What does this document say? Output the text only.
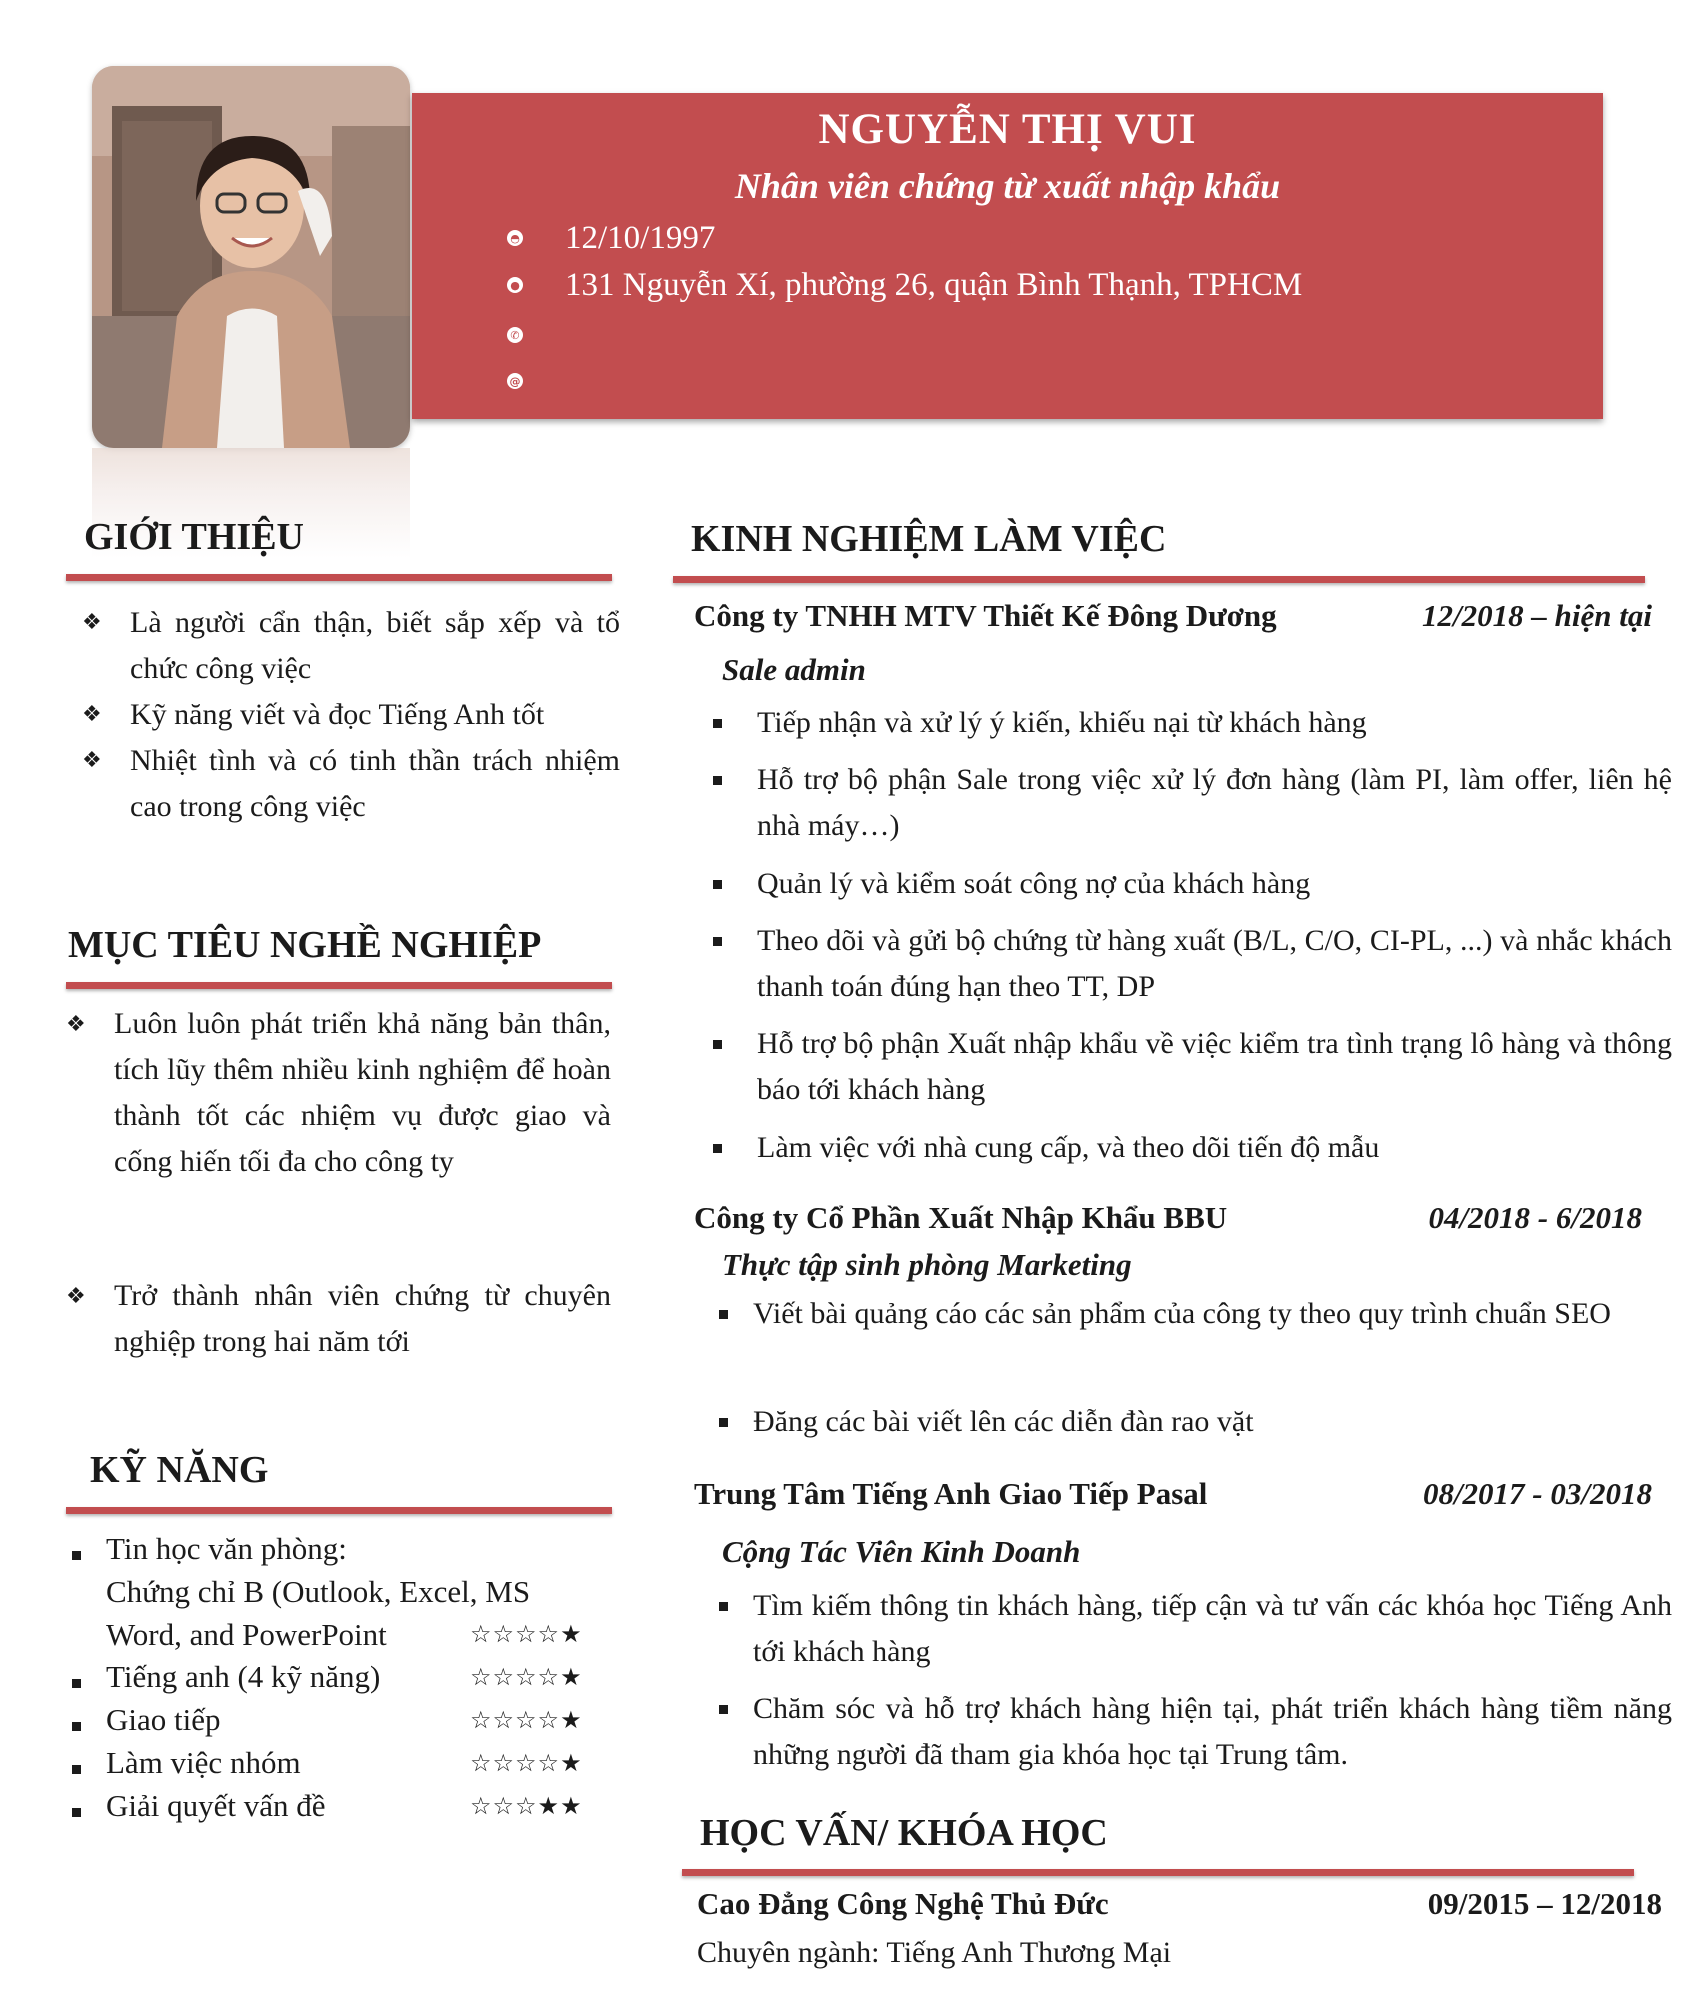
NGUYỄN THỊ VUI
Nhân viên chứng từ xuất nhập khẩu
◓ 12/10/1997
● 131 Nguyễn Xí, phường 26, quận Bình Thạnh, TPHCM
✆
@
GIỚI THIỆU
❖ Là người cẩn thận, biết sắp xếp và tổ chức công việc
❖ Kỹ năng viết và đọc Tiếng Anh tốt
❖ Nhiệt tình và có tinh thần trách nhiệm cao trong công việc
MỤC TIÊU NGHỀ NGHIỆP
❖ Luôn luôn phát triển khả năng bản thân, tích lũy thêm nhiều kinh nghiệm để hoàn thành tốt các nhiệm vụ được giao và cống hiến tối đa cho công ty
❖ Trở thành nhân viên chứng từ chuyên nghiệp trong hai năm tới
KỸ NĂNG
Tin học văn phòng:
Chứng chỉ B (Outlook, Excel, MS
Word, and PowerPoint	☆☆☆☆★
Tiếng anh (4 kỹ năng)	☆☆☆☆★
Giao tiếp	☆☆☆☆★
Làm việc nhóm	☆☆☆☆★
Giải quyết vấn đề	☆☆☆★★
KINH NGHIỆM LÀM VIỆC
Công ty TNHH MTV Thiết Kế Đông Dương	12/2018 – hiện tại
Sale admin
Tiếp nhận và xử lý ý kiến, khiếu nại từ khách hàng
Hỗ trợ bộ phận Sale trong việc xử lý đơn hàng (làm PI, làm offer, liên hệ nhà máy…)
Quản lý và kiểm soát công nợ của khách hàng
Theo dõi và gửi bộ chứng từ hàng xuất (B/L, C/O, CI-PL, ...) và nhắc khách thanh toán đúng hạn theo TT, DP
Hỗ trợ bộ phận Xuất nhập khẩu về việc kiểm tra tình trạng lô hàng và thông báo tới khách hàng
Làm việc với nhà cung cấp, và theo dõi tiến độ mẫu
Công ty Cổ Phần Xuất Nhập Khẩu BBU	04/2018 - 6/2018
Thực tập sinh phòng Marketing
Viết bài quảng cáo các sản phẩm của công ty theo quy trình chuẩn SEO
Đăng các bài viết lên các diễn đàn rao vặt
Trung Tâm Tiếng Anh Giao Tiếp Pasal	08/2017 - 03/2018
Cộng Tác Viên Kinh Doanh
Tìm kiếm thông tin khách hàng, tiếp cận và tư vấn các khóa học Tiếng Anh tới khách hàng
Chăm sóc và hỗ trợ khách hàng hiện tại, phát triển khách hàng tiềm năng những người đã tham gia khóa học tại Trung tâm.
HỌC VẤN/ KHÓA HỌC
Cao Đẳng Công Nghệ Thủ Đức	09/2015 – 12/2018
Chuyên ngành: Tiếng Anh Thương Mại
